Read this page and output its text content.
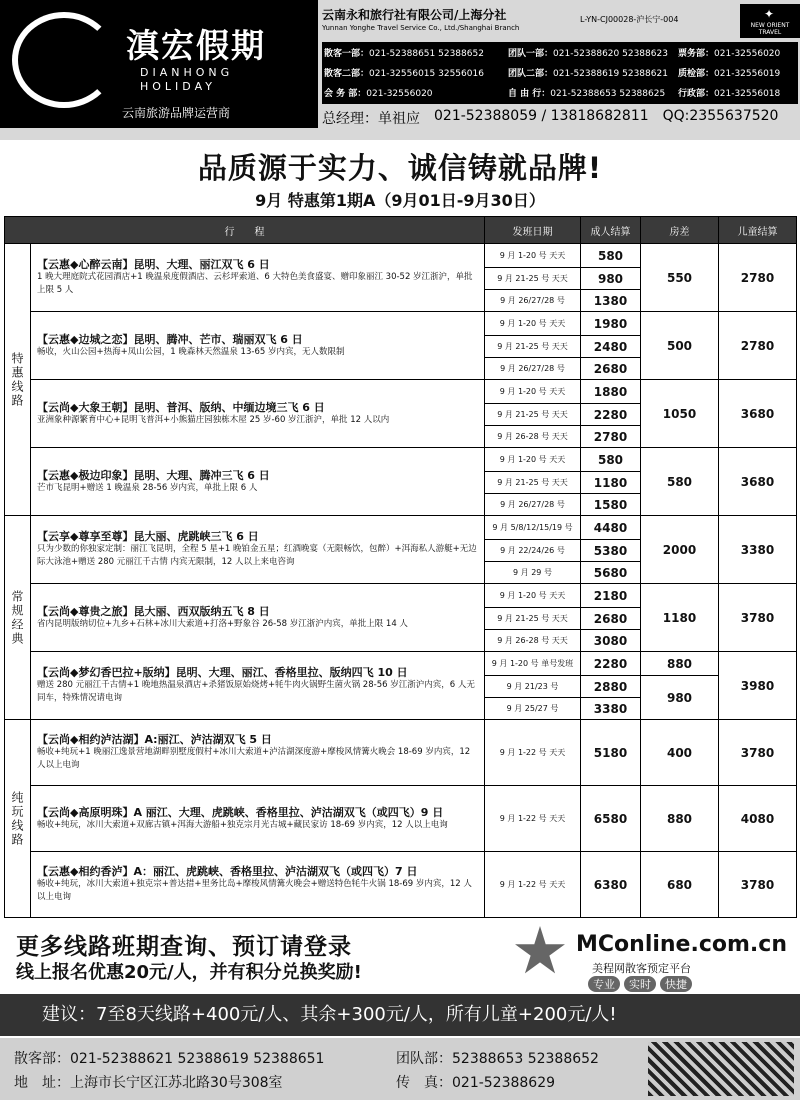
滇宏假期
DIANHONG
HOLIDAY
云南旅游品牌运营商
云南永和旅行社有限公司/上海分社
Yunnan Yonghe Travel Service Co., Ltd./Shanghai Branch
L-YN-CJ00028-沪长宁-004	✦
NEW ORIENT TRAVEL
散客一部：021-52388651 52388652	团队一部：021-52388620 52388623	票务部：021-32556020
散客二部：021-32556015 32556016	团队二部：021-52388619 52388621	质检部：021-32556019
会 务 部：021-32556020	自 由 行：021-52388653 52388625	行政部：021-32556018
总经理：单祖应 021-52388059 / 13818682811 QQ:2355637520
品质源于实力、诚信铸就品牌!
9月 特惠第1期A（9月01日-9月30日）
行　　程		发班日期	成人结算	房差	儿童结算
特惠线路	【云惠◆心醉云南】昆明、大理、丽江双飞 6 日
1 晚大理庭院式花园酒店+1 晚温泉度假酒店、云杉坪索道、6 大特色美食盛宴、赠印象丽江 30-52 岁江浙沪，单批上限 5 人	9 月 1-20 号 天天	580	550	2780
		9 月 21-25 号 天天	980		
		9 月 26/27/28 号	1380		

	【云惠◆边城之恋】昆明、腾冲、芒市、瑞丽双飞 6 日
畅收，火山公园+热海+凤山公园，1 晚森林天然温泉 13-65 岁内宾，无人数限制	9 月 1-20 号 天天	1980	500	2780
		9 月 21-25 号 天天	2480		
		9 月 26/27/28 号	2680		

	【云尚◆大象王朝】昆明、普洱、版纳、中缅边境三飞 6 日
亚洲象种源繁育中心+昆明飞普洱+小熊猫庄园独栋木屋 25 岁-60 岁江浙沪，单批 12 人以内	9 月 1-20 号 天天	1880	1050	3680
		9 月 21-25 号 天天	2280		
		9 月 26-28 号 天天	2780		

	【云惠◆极边印象】昆明、大理、腾冲三飞 6 日
芒市飞昆明+赠送 1 晚温泉 28-56 岁内宾，单批上限 6 人	9 月 1-20 号 天天	580	580	3680
		9 月 21-25 号 天天	1180		
		9 月 26/27/28 号	1580		
常规经典	【云享◆尊享至尊】昆大丽、虎跳峡三飞 6 日
只为少数的你独家定制：丽江飞昆明，全程 5 星+1 晚铂金五星；红酒晚宴（无限畅饮，包醉）+洱海私人游艇+无边际大泳池+赠送 280 元丽江千古情 内宾无限制，12 人以上来电咨询	9 月 5/8/12/15/19 号	4480	2000	3380
		9 月 22/24/26 号	5380		
		9 月 29 号	5680		

	【云尚◆尊贵之旅】昆大丽、西双版纳五飞 8 日
省内昆明版纳切位+九乡+石林+冰川大索道+打洛+野象谷 26-58 岁江浙沪内宾，单批上限 14 人	9 月 1-20 号 天天	2180	1180	3780
		9 月 21-25 号 天天	2680		
		9 月 26-28 号 天天	3080		

	【云尚◆梦幻香巴拉+版纳】昆明、大理、丽江、香格里拉、版纳四飞 10 日
赠送 280 元丽江千古情+1 晚地热温泉酒店+杀猪饭原始烧烤+牦牛肉火锅野生菌火锅 28-56 岁江浙沪内宾，6 人无同车，特殊情况请电询	9 月 1-20 号 单号发班	2280	880	3980
		9 月 21/23 号	2880	980	
		9 月 25/27 号	3380		
纯玩线路	【云尚◆相约泸沽湖】A:丽江、泸沽湖双飞 5 日
畅收+纯玩+1 晚丽江逸景营地湖畔别墅度假村+冰川大索道+泸沽湖深度游+摩梭风情篝火晚会 18-69 岁内宾，12 人以上电询	9 月 1-22 号 天天	5180	400	3780

	【云尚◆高原明珠】A 丽江、大理、虎跳峡、香格里拉、泸沽湖双飞（或四飞）9 日
畅收+纯玩，冰川大索道+双廊古镇+洱海大游船+独克宗月光古城+藏民家访 18-69 岁内宾，12 人以上电询	9 月 1-22 号 天天	6580	880	4080

	【云惠◆相约香泸】A：丽江、虎跳峡、香格里拉、泸沽湖双飞（或四飞）7 日
畅收+纯玩，冰川大索道+独克宗+普达措+里务比岛+摩梭风情篝火晚会+赠送特色牦牛火锅 18-69 岁内宾，12 人以上电询	9 月 1-22 号 天天	6380	680	3780
更多线路班期查询、预订请登录
线上报名优惠20元/人，并有积分兑换奖励!
MConline.com.cn
美程网散客预定平台
专业	实时	快捷
建议：7至8天线路+400元/人、其余+300元/人，所有儿童+200元/人!
散客部：021-52388621 52388619 52388651
地　址：上海市长宁区江苏北路30号308室
团队部：52388653 52388652
传　真：021-52388629
